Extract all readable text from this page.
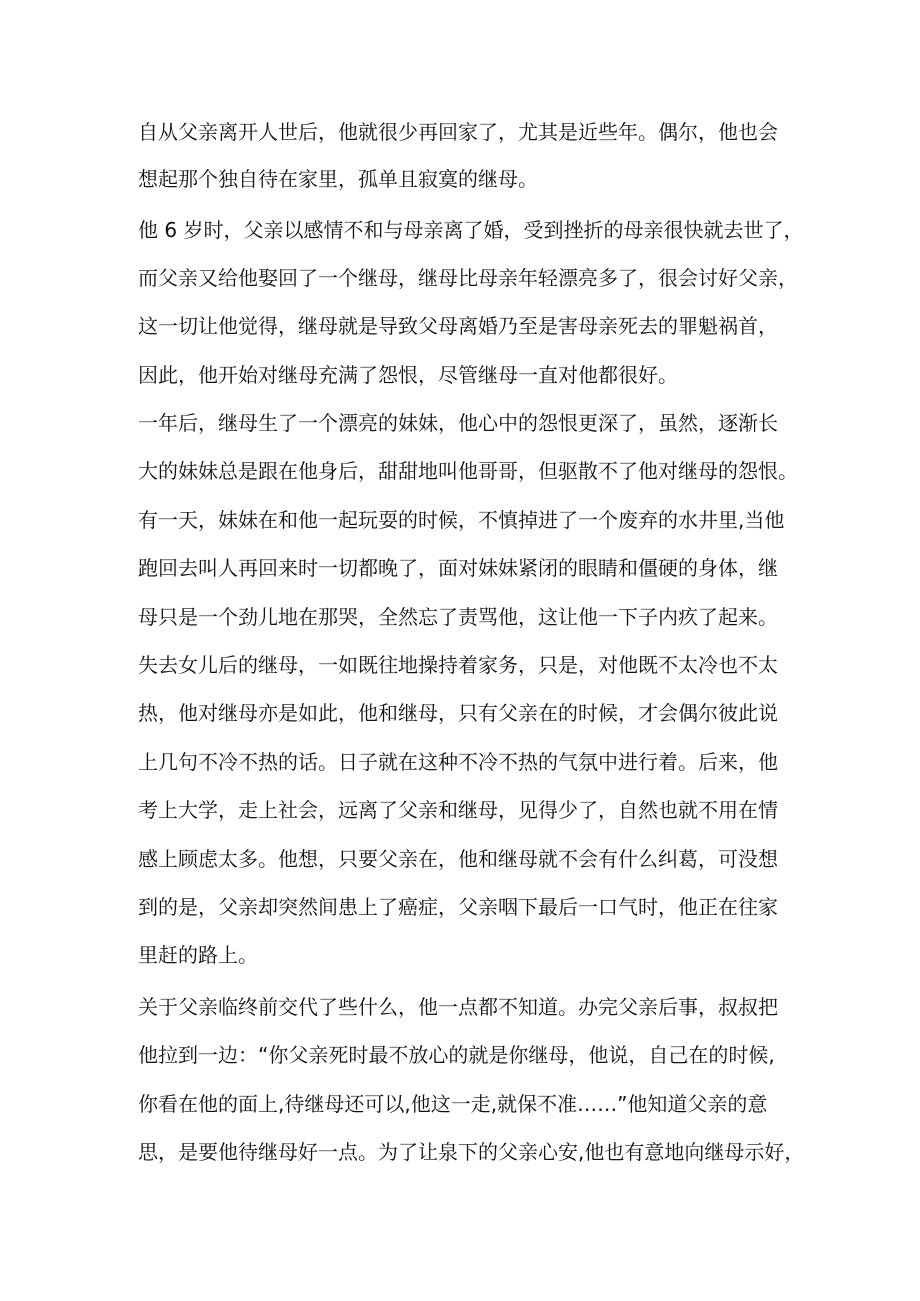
自从父亲离开人世后，他就很少再回家了，尤其是近些年。偶尔，他也会

想起那个独自待在家里，孤单且寂寞的继母。

他 6 岁时，父亲以感情不和与母亲离了婚，受到挫折的母亲很快就去世了，

而父亲又给他娶回了一个继母，继母比母亲年轻漂亮多了，很会讨好父亲，

这一切让他觉得，继母就是导致父母离婚乃至是害母亲死去的罪魁祸首，

因此，他开始对继母充满了怨恨，尽管继母一直对他都很好。

一年后，继母生了一个漂亮的妹妹，他心中的怨恨更深了，虽然，逐渐长

大的妹妹总是跟在他身后，甜甜地叫他哥哥，但驱散不了他对继母的怨恨。

有一天，妹妹在和他一起玩耍的时候，不慎掉进了一个废弃的水井里,当他

跑回去叫人再回来时一切都晚了，面对妹妹紧闭的眼睛和僵硬的身体，继

母只是一个劲儿地在那哭，全然忘了责骂他，这让他一下子内疚了起来。

失去女儿后的继母，一如既往地操持着家务，只是，对他既不太冷也不太

热，他对继母亦是如此，他和继母，只有父亲在的时候，才会偶尔彼此说

上几句不冷不热的话。日子就在这种不冷不热的气氛中进行着。后来，他

考上大学，走上社会，远离了父亲和继母，见得少了，自然也就不用在情

感上顾虑太多。他想，只要父亲在，他和继母就不会有什么纠葛，可没想

到的是，父亲却突然间患上了癌症，父亲咽下最后一口气时，他正在往家

里赶的路上。

关于父亲临终前交代了些什么，他一点都不知道。办完父亲后事，叔叔把

他拉到一边：“你父亲死时最不放心的就是你继母，他说，自己在的时候,

你看在他的面上,待继母还可以,他这一走,就保不准……”他知道父亲的意

思，是要他待继母好一点。为了让泉下的父亲心安,他也有意地向继母示好，
